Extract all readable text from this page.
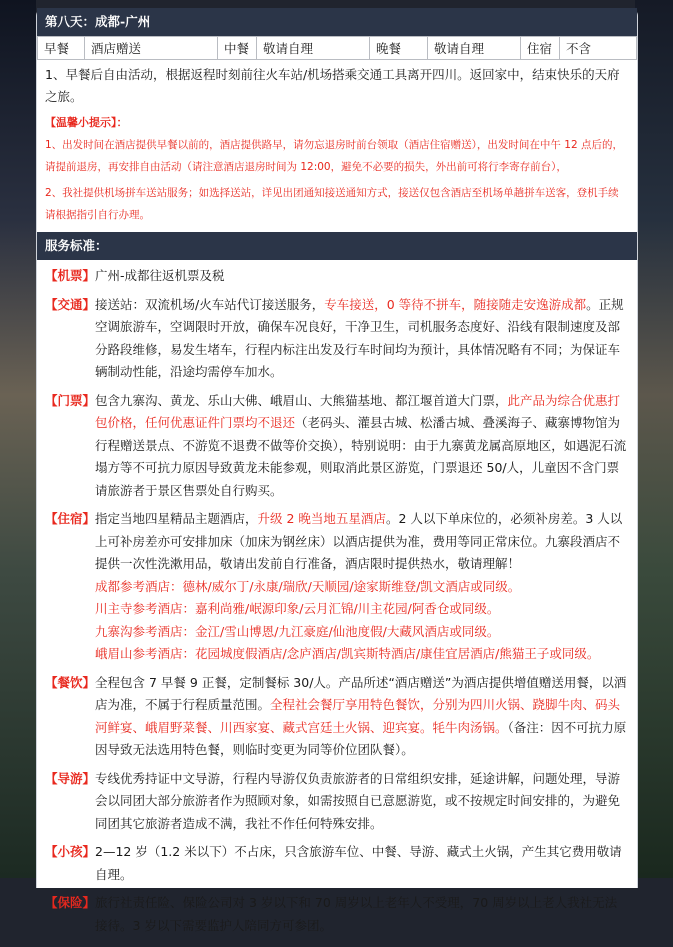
第八天：成都-广州
早餐	酒店赠送	中餐	敬请自理	晚餐	敬请自理	住宿	不含
1、早餐后自由活动，根据返程时刻前往火车站/机场搭乘交通工具离开四川。返回家中，结束快乐的天府之旅。
【温馨小提示】：
1、出发时间在酒店提供早餐以前的，酒店提供路早，请勿忘退房时前台领取（酒店住宿赠送），出发时间在中午 12 点后的，请提前退房，再安排自由活动（请注意酒店退房时间为 12:00，避免不必要的损失，外出前可将行李寄存前台），
2、我社提供机场拼车送站服务；如选择送站，详见出团通知接送通知方式，接送仅包含酒店至机场单趟拼车送客，登机手续请根据指引自行办理。
服务标准：
【机票】 广州-成都往返机票及税
【交通】 接送站：双流机场/火车站代订接送服务，专车接送，0 等待不拼车，随接随走安逸游成都。正规空调旅游车，空调限时开放，确保车况良好，干净卫生，司机服务态度好、沿线有限制速度及部分路段维修，易发生堵车，行程内标注出发及行车时间均为预计，具体情况略有不同；为保证车辆制动性能，沿途均需停车加水。
【门票】 包含九寨沟、黄龙、乐山大佛、峨眉山、大熊猫基地、都江堰首道大门票，此产品为综合优惠打包价格，任何优惠证件门票均不退还（老码头、灌县古城、松潘古城、叠溪海子、藏寨博物馆为行程赠送景点、不游览不退费不做等价交换），特别说明：由于九寨黄龙属高原地区，如遇泥石流塌方等不可抗力原因导致黄龙未能参观，则取消此景区游览，门票退还 50/人，儿童因不含门票请旅游者于景区售票处自行购买。
【住宿】 指定当地四星精品主题酒店，升级 2 晚当地五星酒店。2 人以下单床位的，必须补房差。3 人以上可补房差亦可安排加床（加床为钢丝床）以酒店提供为准，费用等同正常床位。九寨段酒店不提供一次性洗漱用品，敬请出发前自行准备，酒店限时提供热水，敬请理解！
成都参考酒店：德林/威尔丁/永康/瑞欣/天顺园/途家斯维登/凯文酒店或同级。
川主寺参考酒店：嘉利尚雅/岷源印象/云月汇锦/川主花园/阿香仓或同级。
九寨沟参考酒店：金江/雪山博恩/九江豪庭/仙池度假/大藏风酒店或同级。
峨眉山参考酒店：花园城度假酒店/念庐酒店/凯宾斯特酒店/康佳宜居酒店/熊猫王子或同级。
【餐饮】 全程包含 7 早餐 9 正餐，定制餐标 30/人。产品所述“酒店赠送”为酒店提供增值赠送用餐，以酒店为准，不属于行程质量范围。全程社会餐厅享用特色餐饮，分别为四川火锅、跷脚牛肉、码头河鲜宴、峨眉野菜餐、川西家宴、藏式宫廷土火锅、迎宾宴。牦牛肉汤锅。（备注：因不可抗力原因导致无法选用特色餐，则临时变更为同等价位团队餐）。
【导游】 专线优秀持证中文导游，行程内导游仅负责旅游者的日常组织安排，延途讲解，问题处理，导游会以同团大部分旅游者作为照顾对象，如需按照自已意愿游览，或不按规定时间安排的，为避免同团其它旅游者造成不满，我社不作任何特殊安排。
【小孩】 2—12 岁（1.2 米以下）不占床，只含旅游车位、中餐、导游、藏式土火锅，产生其它费用敬请自理。
【保险】 旅行社责任险、保险公司对 3 岁以下和 70 周岁以上老年人不受理，70 周岁以上老人我社无法接待。3 岁以下需要监护人陪同方可参团。
